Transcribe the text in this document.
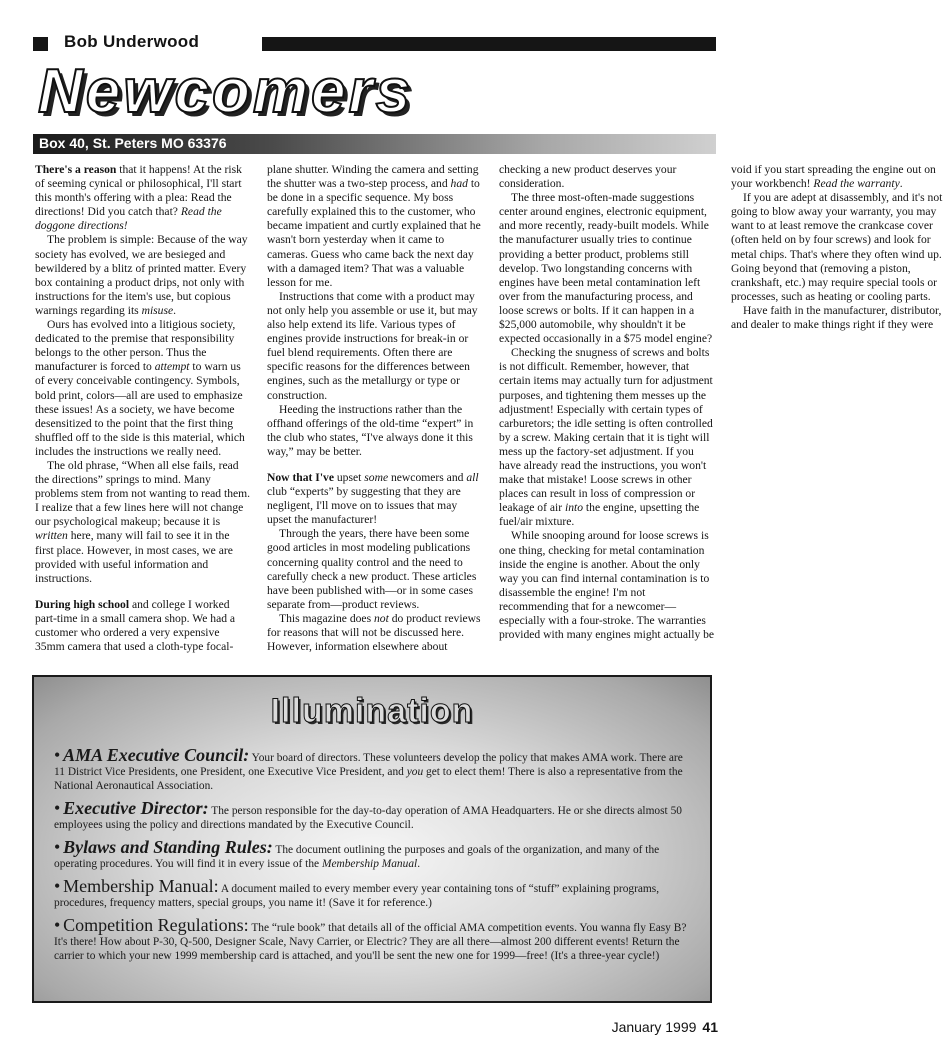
Bob Underwood
Newcomers
Box 40, St. Peters MO 63376

There's a reason that it happens! At the risk of seeming cynical or philosophical, I'll start this month's offering with a plea: Read the directions! Did you catch that? Read the doggone directions!

The problem is simple: Because of the way society has evolved, we are besieged and bewildered by a blitz of printed matter. Every box containing a product drips, not only with instructions for the item's use, but copious warnings regarding its misuse.

Ours has evolved into a litigious society, dedicated to the premise that responsibility belongs to the other person. Thus the manufacturer is forced to attempt to warn us of every conceivable contingency. Symbols, bold print, colors—all are used to emphasize these issues! As a society, we have become desensitized to the point that the first thing shuffled off to the side is this material, which includes the instructions we really need.

The old phrase, “When all else fails, read the directions” springs to mind. Many problems stem from not wanting to read them. I realize that a few lines here will not change our psychological makeup; because it is written here, many will fail to see it in the first place. However, in most cases, we are provided with useful information and instructions.

During high school and college I worked part-time in a small camera shop. We had a customer who ordered a very expensive 35mm camera that used a cloth-type focal-plane shutter. Winding the camera and setting the shutter was a two-step process, and had to be done in a specific sequence. My boss carefully explained this to the customer, who became impatient and curtly explained that he wasn't born yesterday when it came to cameras. Guess who came back the next day with a damaged item? That was a valuable lesson for me.

Instructions that come with a product may not only help you assemble or use it, but may also help extend its life. Various types of engines provide instructions for break-in or fuel blend requirements. Often there are specific reasons for the differences between engines, such as the metallurgy or type or construction.

Heeding the instructions rather than the offhand offerings of the old-time “expert” in the club who states, “I've always done it this way,” may be better.

Now that I've upset some newcomers and all club “experts” by suggesting that they are negligent, I'll move on to issues that may upset the manufacturer!

Through the years, there have been some good articles in most modeling publications concerning quality control and the need to carefully check a new product. These articles have been published with—or in some cases separate from—product reviews.

This magazine does not do product reviews for reasons that will not be discussed here. However, information elsewhere about checking a new product deserves your consideration.

The three most-often-made suggestions center around engines, electronic equipment, and more recently, ready-built models. While the manufacturer usually tries to continue providing a better product, problems still develop. Two longstanding concerns with engines have been metal contamination left over from the manufacturing process, and loose screws or bolts. If it can happen in a $25,000 automobile, why shouldn't it be expected occasionally in a $75 model engine?

Checking the snugness of screws and bolts is not difficult. Remember, however, that certain items may actually turn for adjustment purposes, and tightening them messes up the adjustment! Especially with certain types of carburetors; the idle setting is often controlled by a screw. Making certain that it is tight will mess up the factory-set adjustment. If you have already read the instructions, you won't make that mistake! Loose screws in other places can result in loss of compression or leakage of air into the engine, upsetting the fuel/air mixture.

While snooping around for loose screws is one thing, checking for metal contamination inside the engine is another. About the only way you can find internal contamination is to disassemble the engine! I'm not recommending that for a newcomer—especially with a four-stroke. The warranties provided with many engines might actually be void if you start spreading the engine out on your workbench! Read the warranty.

If you are adept at disassembly, and it's not going to blow away your warranty, you may want to at least remove the crankcase cover (often held on by four screws) and look for metal chips. That's where they often wind up. Going beyond that (removing a piston, crankshaft, etc.) may require special tools or processes, such as heating or cooling parts.

Have faith in the manufacturer, distributor, and dealer to make things right if they were

Illumination

• AMA Executive Council: Your board of directors. These volunteers develop the policy that makes AMA work. There are 11 District Vice Presidents, one President, one Executive Vice President, and you get to elect them! There is also a representative from the National Aeronautical Association.

• Executive Director: The person responsible for the day-to-day operation of AMA Headquarters. He or she directs almost 50 employees using the policy and directions mandated by the Executive Council.

• Bylaws and Standing Rules: The document outlining the purposes and goals of the organization, and many of the operating procedures. You will find it in every issue of the Membership Manual.

• Membership Manual: A document mailed to every member every year containing tons of “stuff” explaining programs, procedures, frequency matters, special groups, you name it! (Save it for reference.)

• Competition Regulations: The “rule book” that details all of the official AMA competition events. You wanna fly Easy B? It's there! How about P-30, Q-500, Designer Scale, Navy Carrier, or Electric? They are all there—almost 200 different events! Return the carrier to which your new 1999 membership card is attached, and you'll be sent the new one for 1999—free! (It's a three-year cycle!)

January 1999 41
